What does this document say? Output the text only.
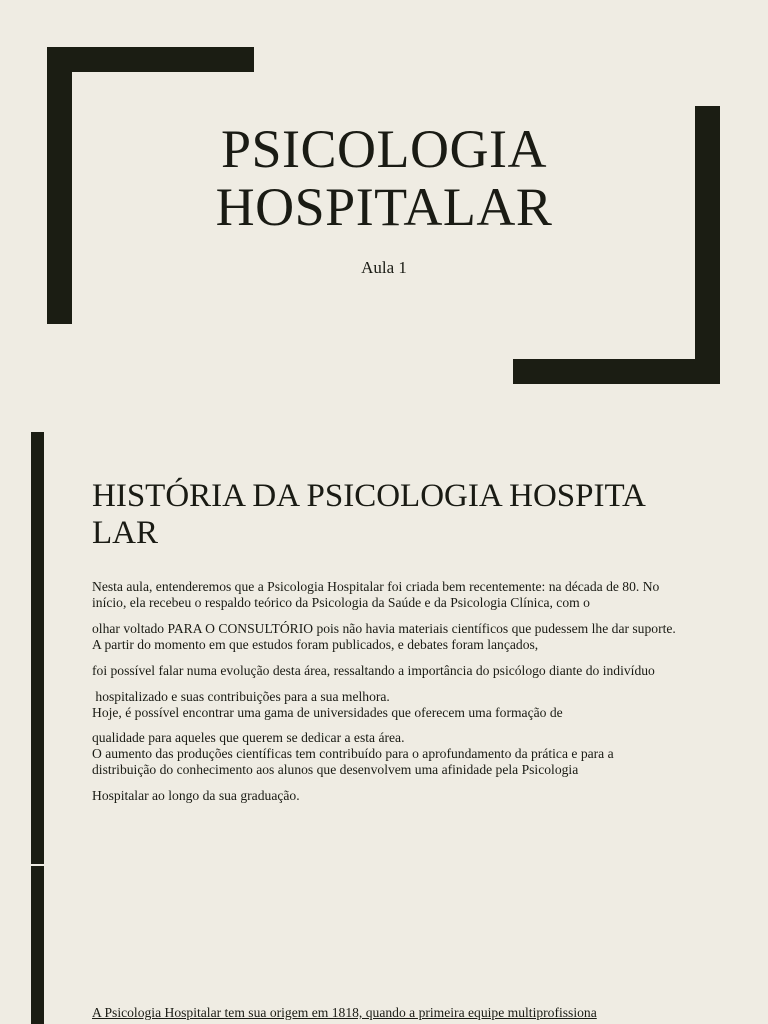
PSICOLOGIA
HOSPITALAR

Aula 1

HISTÓRIA DA PSICOLOGIA HOSPITA
LAR
Nesta aula, entenderemos que a Psicologia Hospitalar foi criada bem recentemente: na década de 80. No
início, ela recebeu o respaldo teórico da Psicologia da Saúde e da Psicologia Clínica, com o
olhar voltado PARA O CONSULTÓRIO pois não havia materiais científicos que pudessem lhe dar suporte.
A partir do momento em que estudos foram publicados, e debates foram lançados,
foi possível falar numa evolução desta área, ressaltando a importância do psicólogo diante do indivíduo
hospitalizado e suas contribuições para a sua melhora.
Hoje, é possível encontrar uma gama de universidades que oferecem uma formação de
qualidade para aqueles que querem se dedicar a esta área.
O aumento das produções científicas tem contribuído para o aprofundamento da prática e para a
distribuição do conhecimento aos alunos que desenvolvem uma afinidade pela Psicologia
Hospitalar ao longo da sua graduação.
A Psicologia Hospitalar tem sua origem em 1818, quando a primeira equipe multiprofissiona
